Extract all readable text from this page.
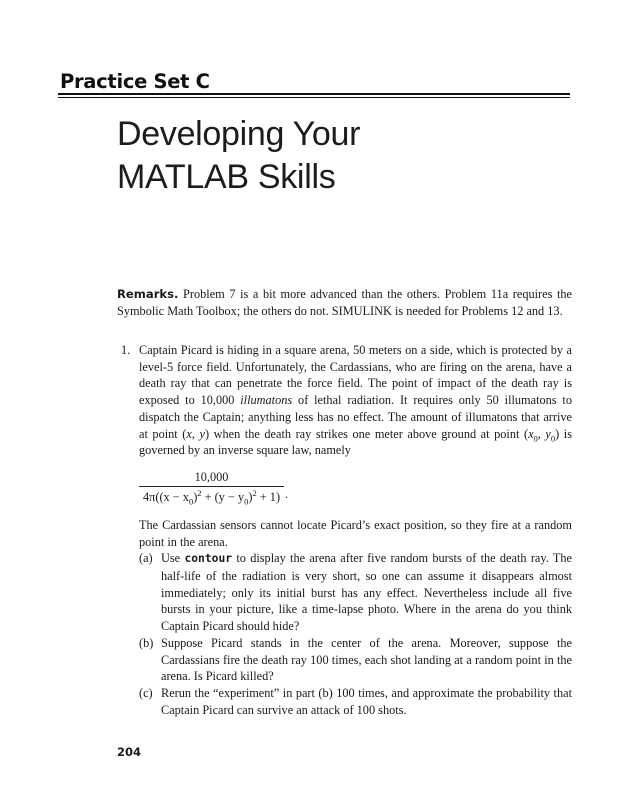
Practice Set C
Developing Your
MATLAB Skills
Remarks. Problem 7 is a bit more advanced than the others. Problem 11a requires the Symbolic Math Toolbox; the others do not. SIMULINK is needed for Problems 12 and 13.
1. Captain Picard is hiding in a square arena, 50 meters on a side, which is protected by a level-5 force field. Unfortunately, the Cardassians, who are firing on the arena, have a death ray that can penetrate the force field. The point of impact of the death ray is exposed to 10,000 illumatons of lethal radiation. It requires only 50 illumatons to dispatch the Captain; anything less has no effect. The amount of illumatons that arrive at point (x, y) when the death ray strikes one meter above ground at point ($x_0$, $y_0$) is governed by an inverse square law, namely
$\frac{10,000}{4\pi((x - x_0)^2 + (y - y_0)^2 + 1)}$ .
The Cardassian sensors cannot locate Picard’s exact position, so they fire at a random point in the arena.
(a) Use contour to display the arena after five random bursts of the death ray. The half-life of the radiation is very short, so one can assume it disappears almost immediately; only its initial burst has any effect. Nevertheless include all five bursts in your picture, like a time-lapse photo. Where in the arena do you think Captain Picard should hide?
(b) Suppose Picard stands in the center of the arena. Moreover, suppose the Cardassians fire the death ray 100 times, each shot landing at a random point in the arena. Is Picard killed?
(c) Rerun the “experiment” in part (b) 100 times, and approximate the probability that Captain Picard can survive an attack of 100 shots.
204
